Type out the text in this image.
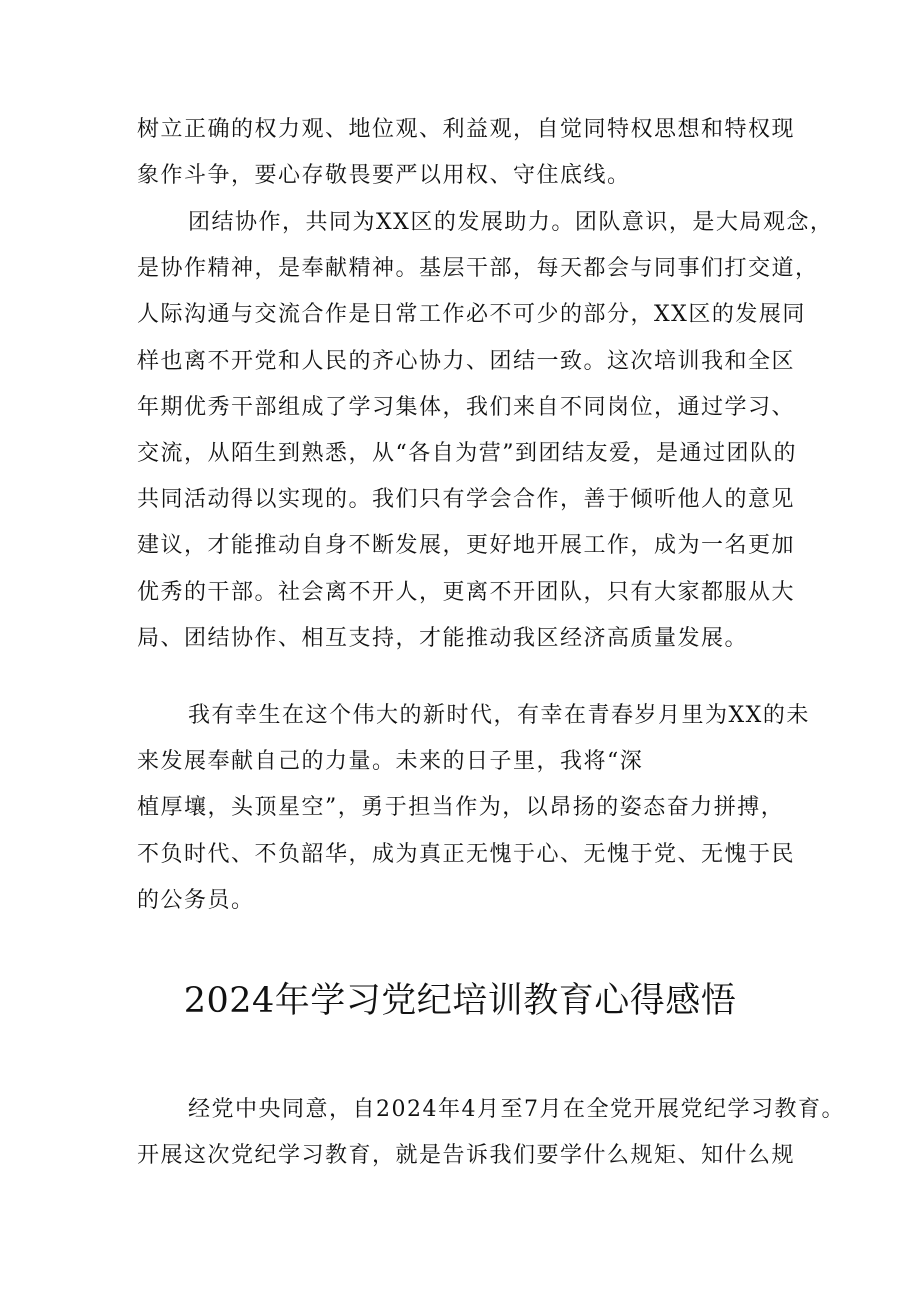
树立正确的权力观、地位观、利益观，自觉同特权思想和特权现
象作斗争，要心存敬畏要严以用权、守住底线。
团结协作，共同为XX区的发展助力。团队意识，是大局观念，
是协作精神，是奉献精神。基层干部，每天都会与同事们打交道，
人际沟通与交流合作是日常工作必不可少的部分，XX区的发展同
样也离不开党和人民的齐心协力、团结一致。这次培训我和全区
年期优秀干部组成了学习集体，我们来自不同岗位，通过学习、
交流，从陌生到熟悉，从“各自为营”到团结友爱，是通过团队的
共同活动得以实现的。我们只有学会合作，善于倾听他人的意见
建议，才能推动自身不断发展，更好地开展工作，成为一名更加
优秀的干部。社会离不开人，更离不开团队，只有大家都服从大
局、团结协作、相互支持，才能推动我区经济高质量发展。
我有幸生在这个伟大的新时代，有幸在青春岁月里为XX的未
来发展奉献自己的力量。未来的日子里，我将“深
植厚壤，头顶星空”，勇于担当作为，以昂扬的姿态奋力拼搏，
不负时代、不负韶华，成为真正无愧于心、无愧于党、无愧于民
的公务员。
2024年学习党纪培训教育心得感悟
经党中央同意，自2024年4月至7月在全党开展党纪学习教育。
开展这次党纪学习教育，就是告诉我们要学什么规矩、知什么规
